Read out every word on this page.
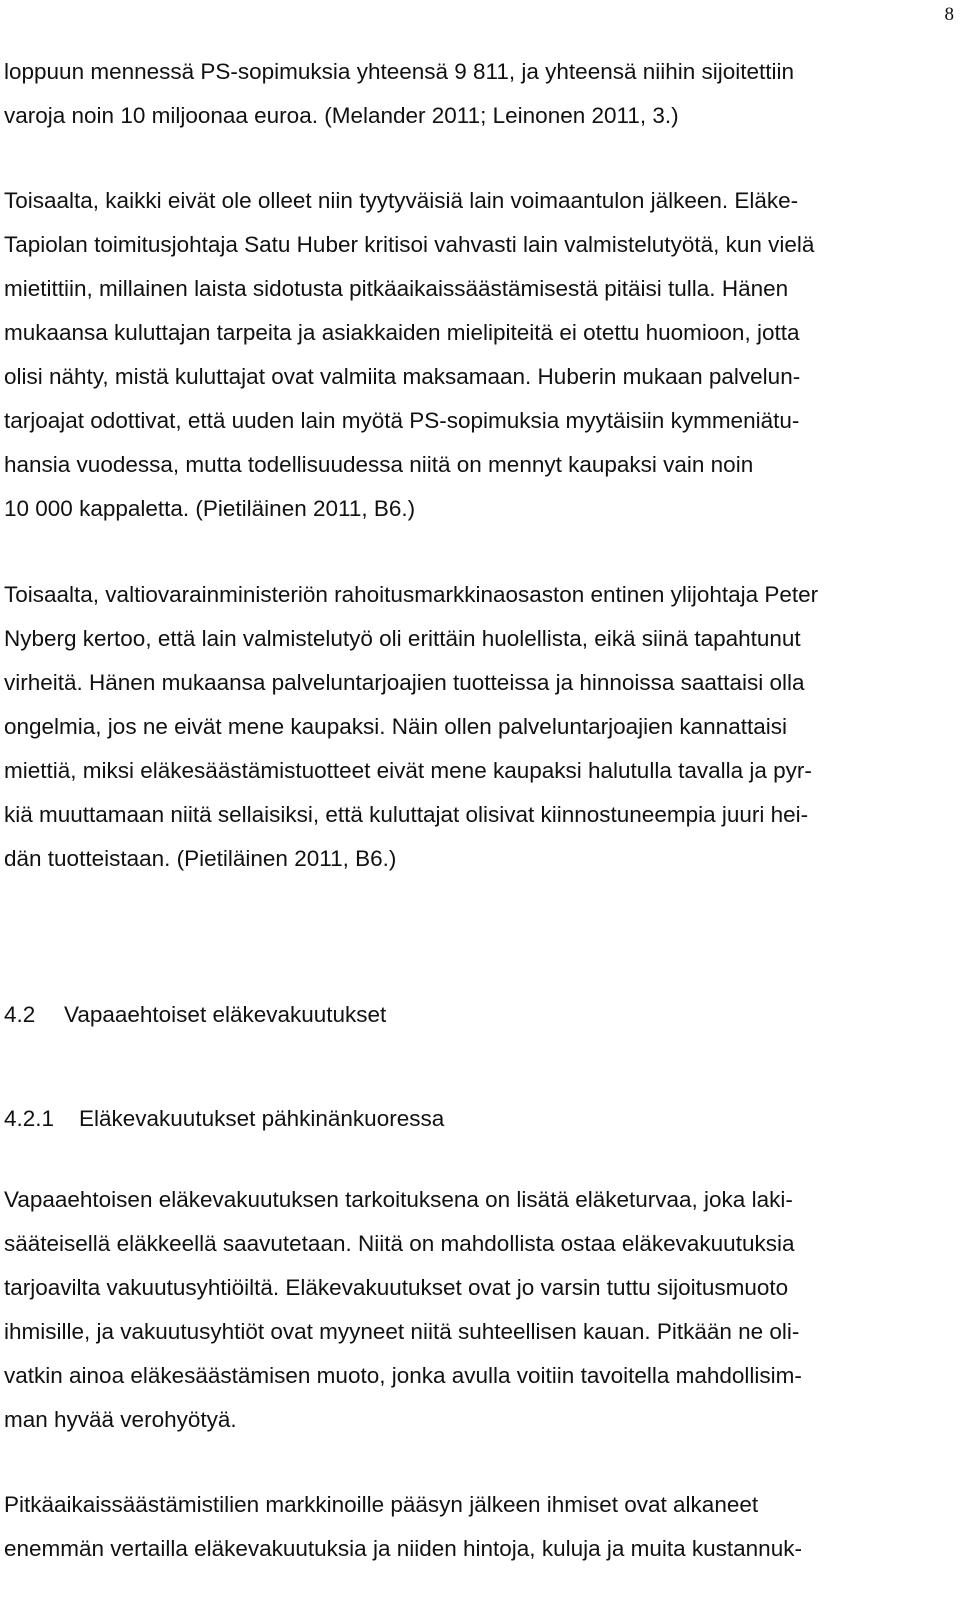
8
loppuun mennessä PS-sopimuksia yhteensä 9 811, ja yhteensä niihin sijoitettiin
varoja noin 10 miljoonaa euroa. (Melander 2011; Leinonen 2011, 3.)
Toisaalta, kaikki eivät ole olleet niin tyytyväisiä lain voimaantulon jälkeen. Eläke-
Tapiolan toimitusjohtaja Satu Huber kritisoi vahvasti lain valmistelutyötä, kun vielä
mietittiin, millainen laista sidotusta pitkäaikaissäästämisestä pitäisi tulla. Hänen
mukaansa kuluttajan tarpeita ja asiakkaiden mielipiteitä ei otettu huomioon, jotta
olisi nähty, mistä kuluttajat ovat valmiita maksamaan. Huberin mukaan palvelun-
tarjoajat odottivat, että uuden lain myötä PS-sopimuksia myytäisiin kymmeniätu-
hansia vuodessa, mutta todellisuudessa niitä on mennyt kaupaksi vain noin
10 000 kappaletta. (Pietiläinen 2011, B6.)
Toisaalta, valtiovarainministeriön rahoitusmarkkinaosaston entinen ylijohtaja Peter
Nyberg kertoo, että lain valmistelutyö oli erittäin huolellista, eikä siinä tapahtunut
virheitä. Hänen mukaansa palveluntarjoajien tuotteissa ja hinnoissa saattaisi olla
ongelmia, jos ne eivät mene kaupaksi. Näin ollen palveluntarjoajien kannattaisi
miettiä, miksi eläkesäästämistuotteet eivät mene kaupaksi halutulla tavalla ja pyr-
kiä muuttamaan niitä sellaisiksi, että kuluttajat olisivat kiinnostuneempia juuri hei-
dän tuotteistaan. (Pietiläinen 2011, B6.)
4.2 Vapaaehtoiset eläkevakuutukset
4.2.1 Eläkevakuutukset pähkinänkuoressa
Vapaaehtoisen eläkevakuutuksen tarkoituksena on lisätä eläketurvaa, joka laki-
sääteisellä eläkkeellä saavutetaan. Niitä on mahdollista ostaa eläkevakuutuksia
tarjoavilta vakuutusyhtiöiltä. Eläkevakuutukset ovat jo varsin tuttu sijoitusmuoto
ihmisille, ja vakuutusyhtiöt ovat myyneet niitä suhteellisen kauan. Pitkään ne oli-
vatkin ainoa eläkesäästämisen muoto, jonka avulla voitiin tavoitella mahdollisim-
man hyvää verohyötyä.
Pitkäaikaissäästämistilien markkinoille pääsyn jälkeen ihmiset ovat alkaneet
enemmän vertailla eläkevakuutuksia ja niiden hintoja, kuluja ja muita kustannuk-
